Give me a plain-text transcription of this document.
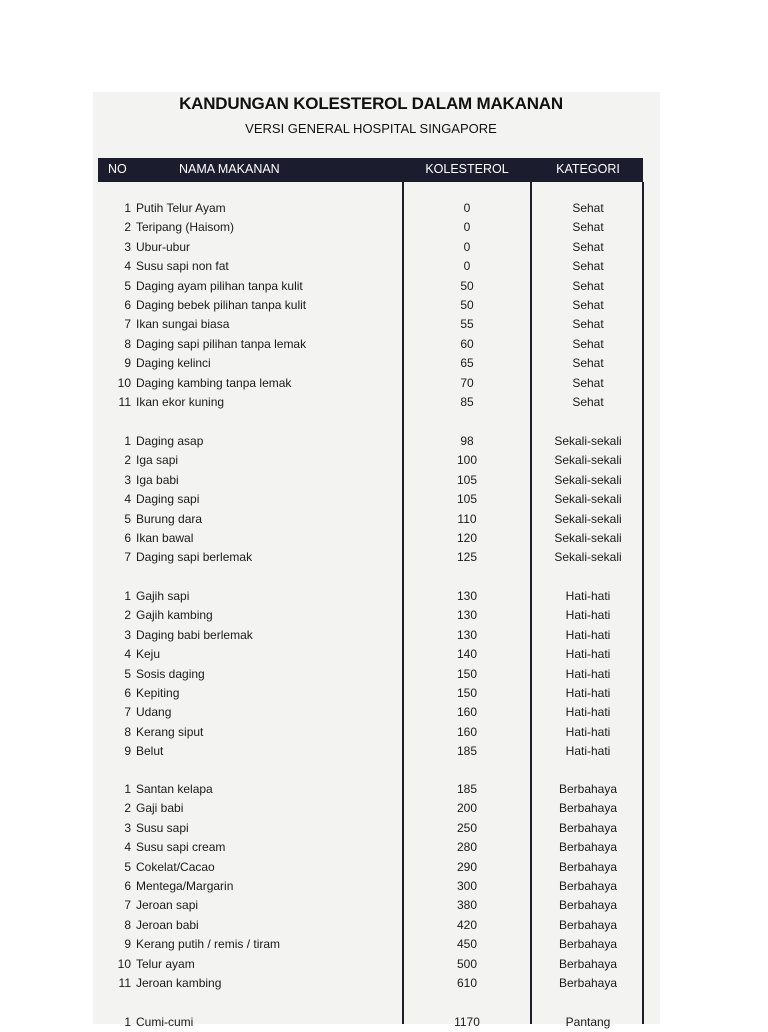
KANDUNGAN KOLESTEROL DALAM MAKANAN
VERSI GENERAL HOSPITAL SINGAPORE
NO	NAMA MAKANAN	KOLESTEROL	KATEGORI
1 Putih Telur Ayam	0	Sehat
2 Teripang (Haisom)	0	Sehat
3 Ubur-ubur	0	Sehat
4 Susu sapi non fat	0	Sehat
5 Daging ayam pilihan tanpa kulit	50	Sehat
6 Daging bebek pilihan tanpa kulit	50	Sehat
7 Ikan sungai biasa	55	Sehat
8 Daging sapi pilihan tanpa lemak	60	Sehat
9 Daging kelinci	65	Sehat
10 Daging kambing tanpa lemak	70	Sehat
11 Ikan ekor kuning	85	Sehat
1 Daging asap	98	Sekali-sekali
2 Iga sapi	100	Sekali-sekali
3 Iga babi	105	Sekali-sekali
4 Daging sapi	105	Sekali-sekali
5 Burung dara	110	Sekali-sekali
6 Ikan bawal	120	Sekali-sekali
7 Daging sapi berlemak	125	Sekali-sekali
1 Gajih sapi	130	Hati-hati
2 Gajih kambing	130	Hati-hati
3 Daging babi berlemak	130	Hati-hati
4 Keju	140	Hati-hati
5 Sosis daging	150	Hati-hati
6 Kepiting	150	Hati-hati
7 Udang	160	Hati-hati
8 Kerang siput	160	Hati-hati
9 Belut	185	Hati-hati
1 Santan kelapa	185	Berbahaya
2 Gaji babi	200	Berbahaya
3 Susu sapi	250	Berbahaya
4 Susu sapi cream	280	Berbahaya
5 Cokelat/Cacao	290	Berbahaya
6 Mentega/Margarin	300	Berbahaya
7 Jeroan sapi	380	Berbahaya
8 Jeroan babi	420	Berbahaya
9 Kerang putih / remis / tiram	450	Berbahaya
10 Telur ayam	500	Berbahaya
11 Jeroan kambing	610	Berbahaya
1 Cumi-cumi	1170	Pantang
